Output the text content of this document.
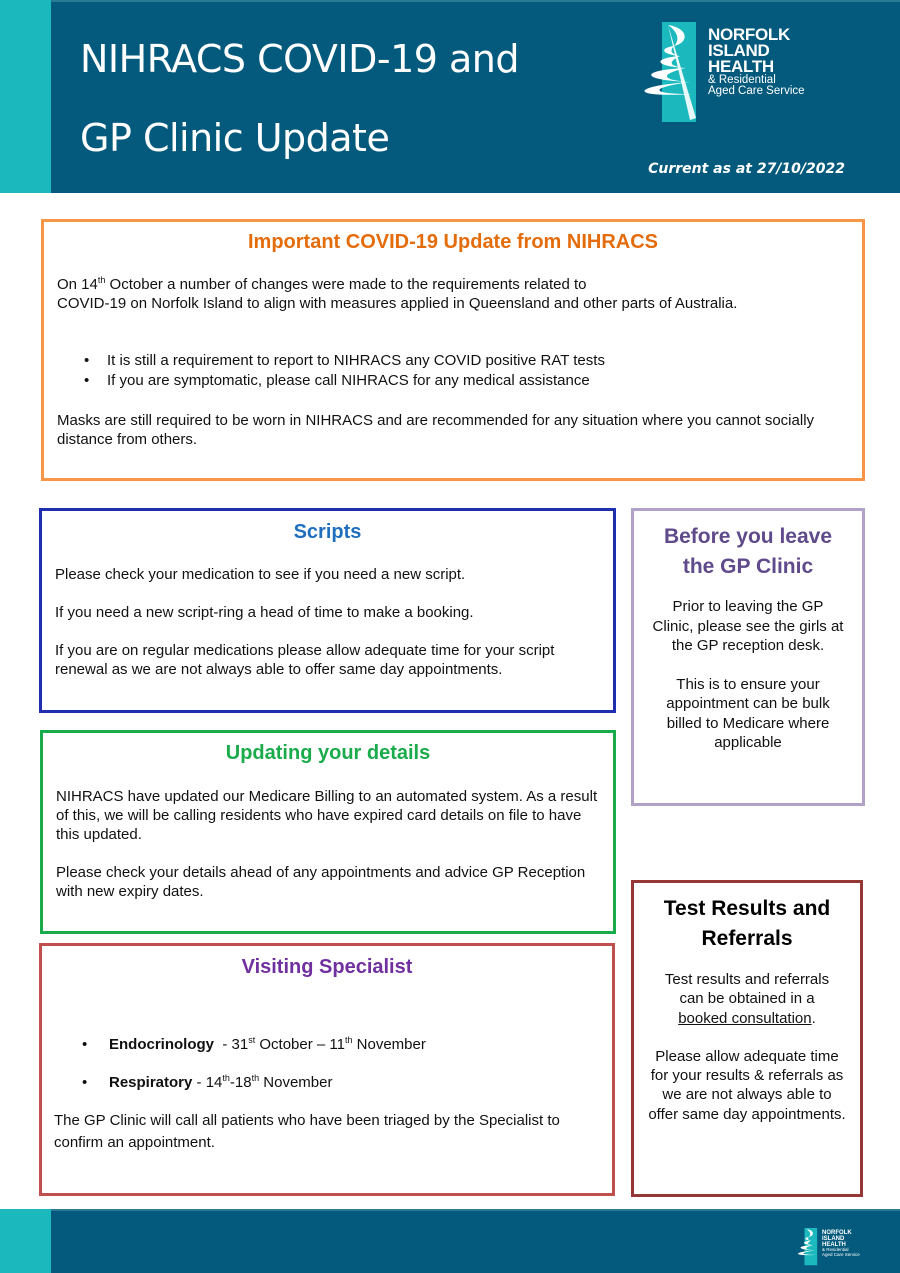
NIHRACS COVID-19 and
GP Clinic Update
Current as at 27/10/2022
NORFOLK
ISLAND
HEALTH
& Residential
Aged Care Service
Important COVID-19 Update from NIHRACS

On 14th October a number of changes were made to the requirements related to
COVID-19 on Norfolk Island to align with measures applied in Queensland and other parts of Australia.

• It is still a requirement to report to NIHRACS any COVID positive RAT tests
• If you are symptomatic, please call NIHRACS for any medical assistance

Masks are still required to be worn in NIHRACS and are recommended for any situation where you cannot socially distance from others.

Scripts

Please check your medication to see if you need a new script.

If you need a new script-ring a head of time to make a booking.

If you are on regular medications please allow adequate time for your script renewal as we are not always able to offer same day appointments.

Before you leave
the GP Clinic

Prior to leaving the GP Clinic, please see the girls at the GP reception desk.

This is to ensure your appointment can be bulk billed to Medicare where applicable

Updating your details

NIHRACS have updated our Medicare Billing to an automated system. As a result of this, we will be calling residents who have expired card details on file to have this updated.

Please check your details ahead of any appointments and advice GP Reception with new expiry dates.

Visiting Specialist
• Endocrinology  - 31st October – 11th November
• Respiratory - 14th-18th November

The GP Clinic will call all patients who have been triaged by the Specialist to confirm an appointment.

Test Results and
Referrals

Test results and referrals can be obtained in a booked consultation.

Please allow adequate time for your results & referrals as we are not always able to offer same day appointments.

NORFOLK
ISLAND
HEALTH
& Residential
Aged Care Service
